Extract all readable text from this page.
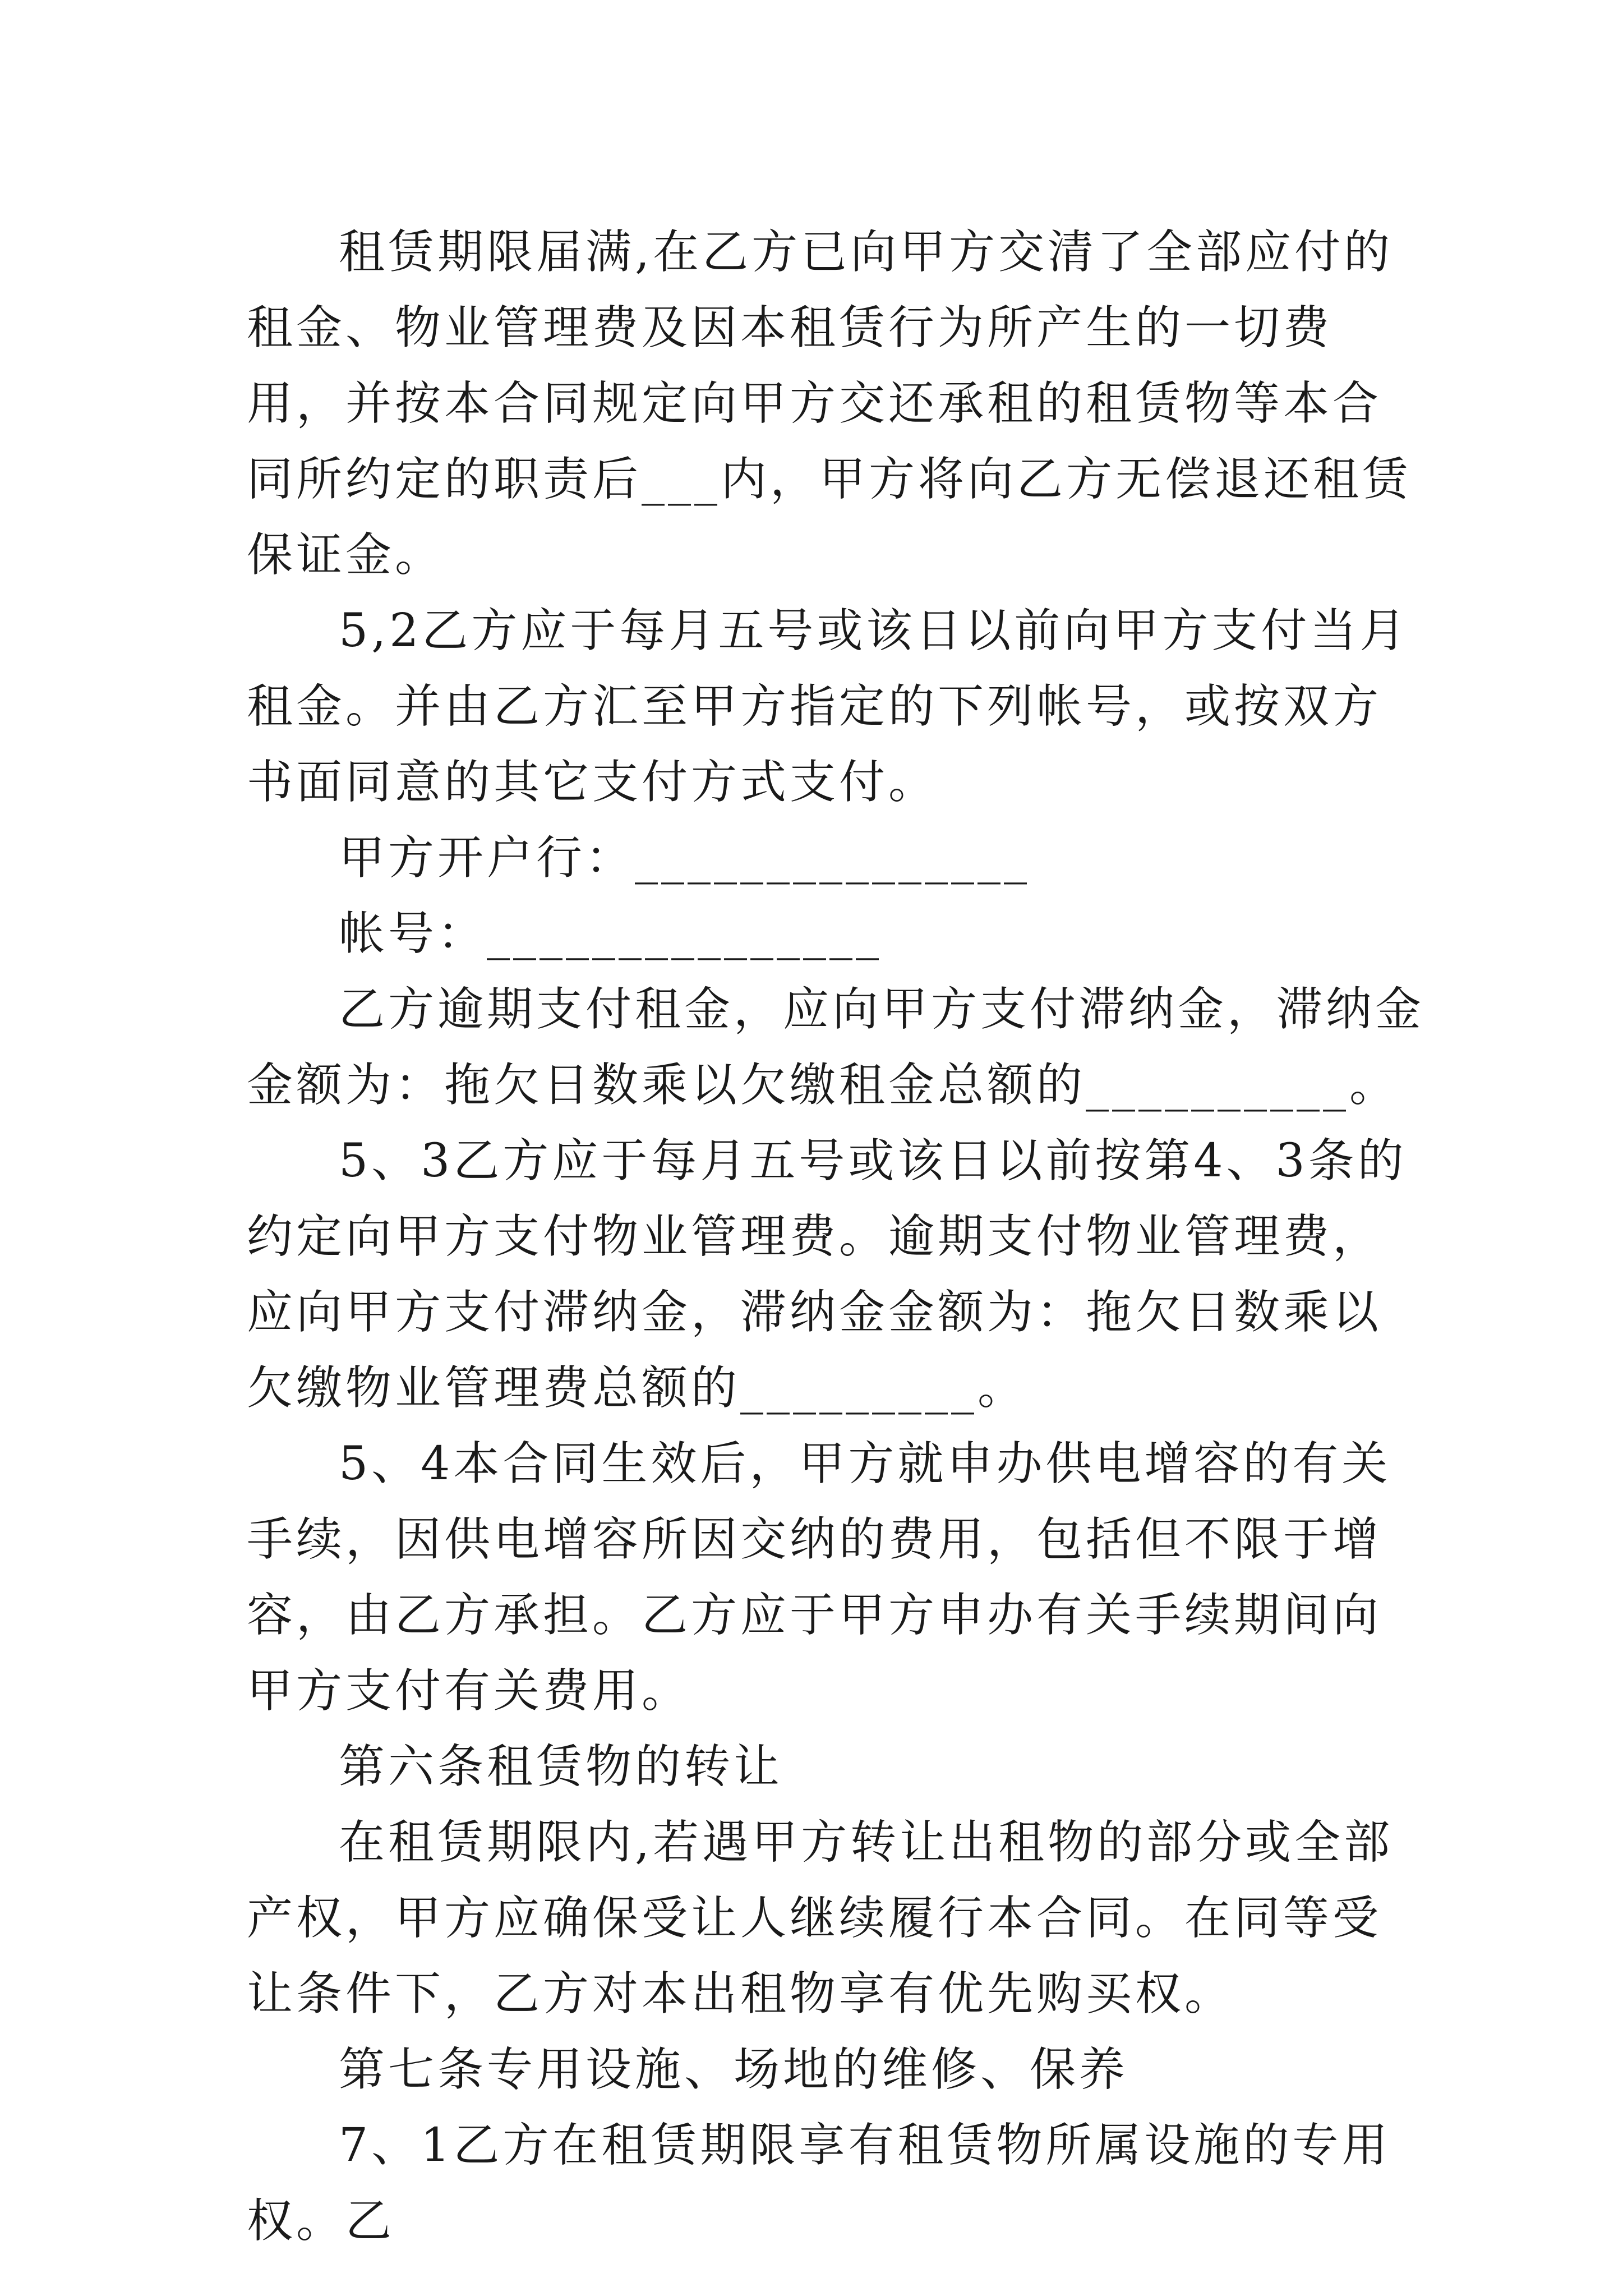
租赁期限届满,在乙方已向甲方交清了全部应付的租金、物业管理费及因本租赁行为所产生的一切费用，并按本合同规定向甲方交还承租的租赁物等本合同所约定的职责后___内，甲方将向乙方无偿退还租赁保证金。

5,2乙方应于每月五号或该日以前向甲方支付当月租金。并由乙方汇至甲方指定的下列帐号，或按双方书面同意的其它支付方式支付。

甲方开户行：_______________

帐号：_______________

乙方逾期支付租金，应向甲方支付滞纳金，滞纳金金额为：拖欠日数乘以欠缴租金总额的__________。

5、3乙方应于每月五号或该日以前按第4、3条的约定向甲方支付物业管理费。逾期支付物业管理费，应向甲方支付滞纳金，滞纳金金额为：拖欠日数乘以欠缴物业管理费总额的_________。

5、4本合同生效后，甲方就申办供电增容的有关手续，因供电增容所因交纳的费用，包括但不限于增容，由乙方承担。乙方应于甲方申办有关手续期间向甲方支付有关费用。

第六条租赁物的转让

在租赁期限内,若遇甲方转让出租物的部分或全部产权，甲方应确保受让人继续履行本合同。在同等受让条件下，乙方对本出租物享有优先购买权。

第七条专用设施、场地的维修、保养

7、1乙方在租赁期限享有租赁物所属设施的专用权。乙
